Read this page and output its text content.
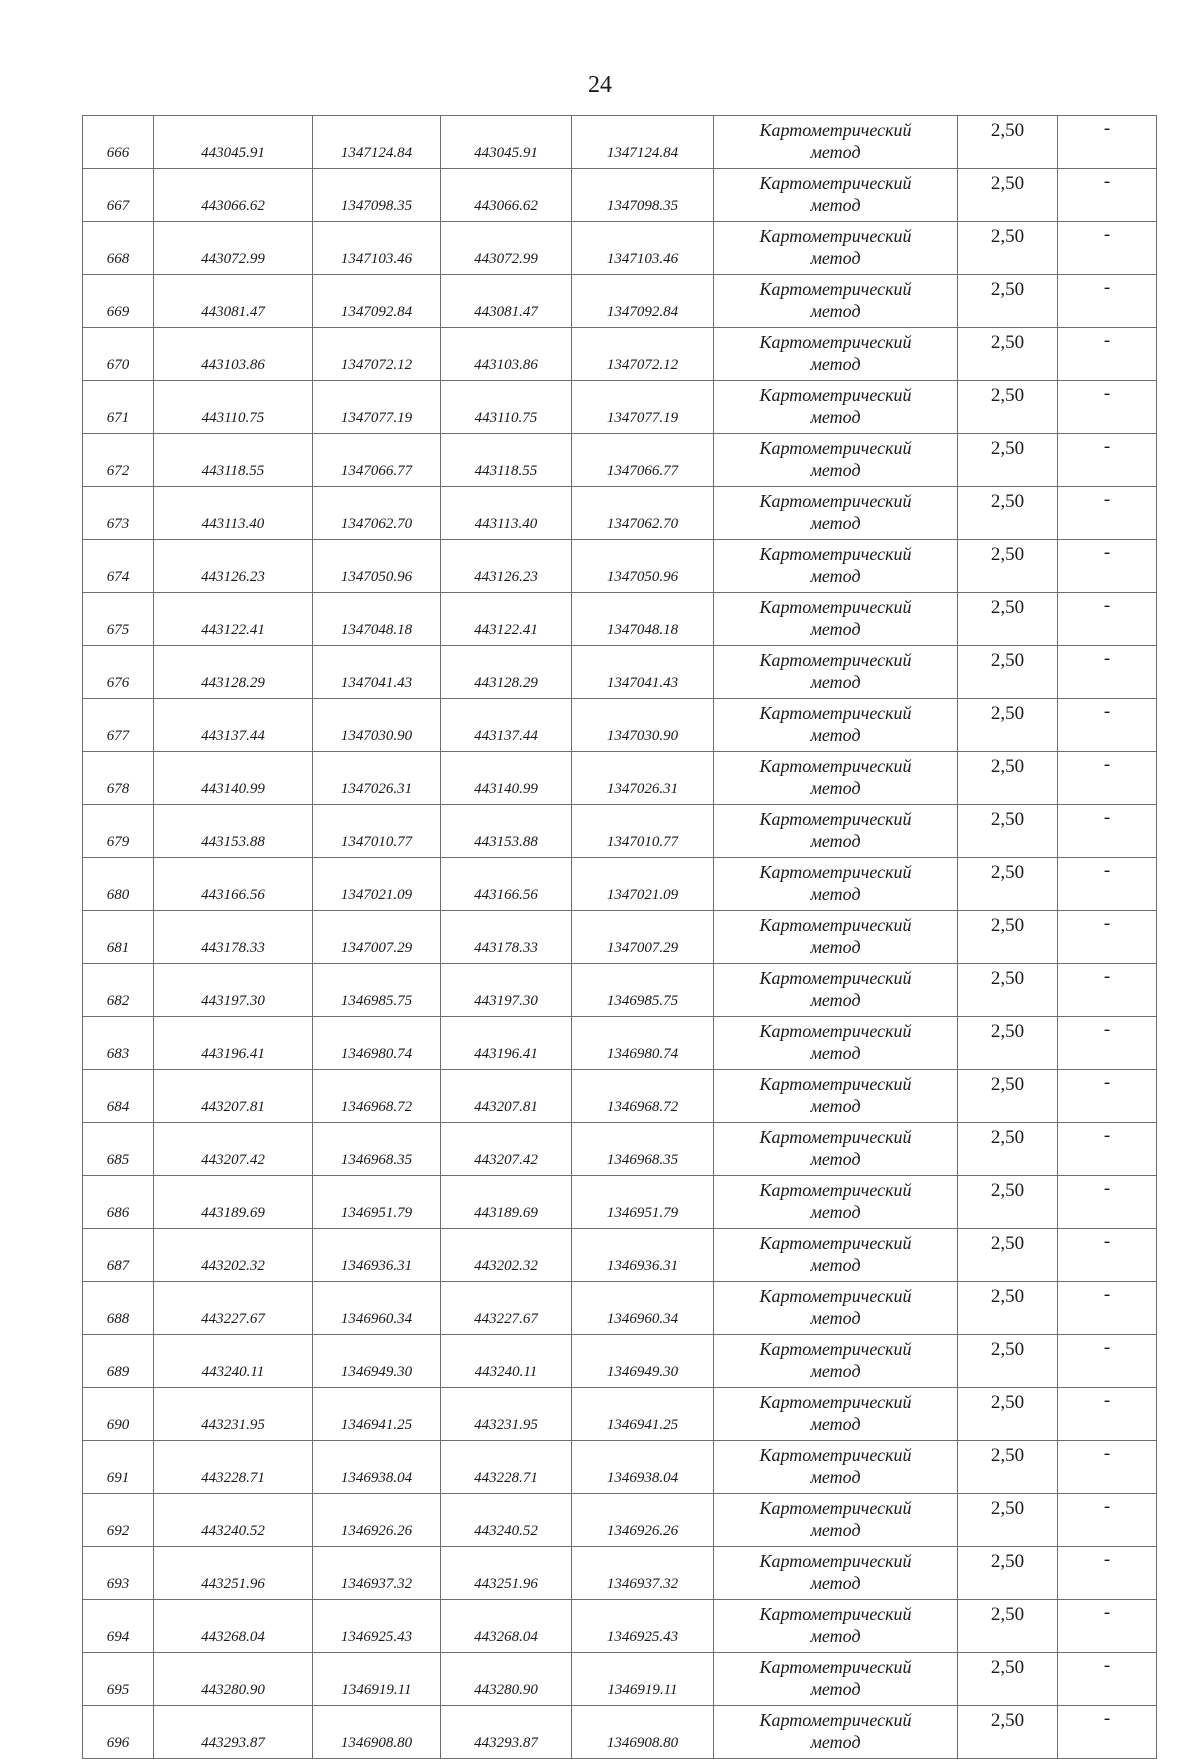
24
666	443045.91	1347124.84	443045.91	1347124.84	Картометрический
метод	2,50	-
667	443066.62	1347098.35	443066.62	1347098.35	Картометрический
метод	2,50	-
668	443072.99	1347103.46	443072.99	1347103.46	Картометрический
метод	2,50	-
669	443081.47	1347092.84	443081.47	1347092.84	Картометрический
метод	2,50	-
670	443103.86	1347072.12	443103.86	1347072.12	Картометрический
метод	2,50	-
671	443110.75	1347077.19	443110.75	1347077.19	Картометрический
метод	2,50	-
672	443118.55	1347066.77	443118.55	1347066.77	Картометрический
метод	2,50	-
673	443113.40	1347062.70	443113.40	1347062.70	Картометрический
метод	2,50	-
674	443126.23	1347050.96	443126.23	1347050.96	Картометрический
метод	2,50	-
675	443122.41	1347048.18	443122.41	1347048.18	Картометрический
метод	2,50	-
676	443128.29	1347041.43	443128.29	1347041.43	Картометрический
метод	2,50	-
677	443137.44	1347030.90	443137.44	1347030.90	Картометрический
метод	2,50	-
678	443140.99	1347026.31	443140.99	1347026.31	Картометрический
метод	2,50	-
679	443153.88	1347010.77	443153.88	1347010.77	Картометрический
метод	2,50	-
680	443166.56	1347021.09	443166.56	1347021.09	Картометрический
метод	2,50	-
681	443178.33	1347007.29	443178.33	1347007.29	Картометрический
метод	2,50	-
682	443197.30	1346985.75	443197.30	1346985.75	Картометрический
метод	2,50	-
683	443196.41	1346980.74	443196.41	1346980.74	Картометрический
метод	2,50	-
684	443207.81	1346968.72	443207.81	1346968.72	Картометрический
метод	2,50	-
685	443207.42	1346968.35	443207.42	1346968.35	Картометрический
метод	2,50	-
686	443189.69	1346951.79	443189.69	1346951.79	Картометрический
метод	2,50	-
687	443202.32	1346936.31	443202.32	1346936.31	Картометрический
метод	2,50	-
688	443227.67	1346960.34	443227.67	1346960.34	Картометрический
метод	2,50	-
689	443240.11	1346949.30	443240.11	1346949.30	Картометрический
метод	2,50	-
690	443231.95	1346941.25	443231.95	1346941.25	Картометрический
метод	2,50	-
691	443228.71	1346938.04	443228.71	1346938.04	Картометрический
метод	2,50	-
692	443240.52	1346926.26	443240.52	1346926.26	Картометрический
метод	2,50	-
693	443251.96	1346937.32	443251.96	1346937.32	Картометрический
метод	2,50	-
694	443268.04	1346925.43	443268.04	1346925.43	Картометрический
метод	2,50	-
695	443280.90	1346919.11	443280.90	1346919.11	Картометрический
метод	2,50	-
696	443293.87	1346908.80	443293.87	1346908.80	Картометрический
метод	2,50	-
